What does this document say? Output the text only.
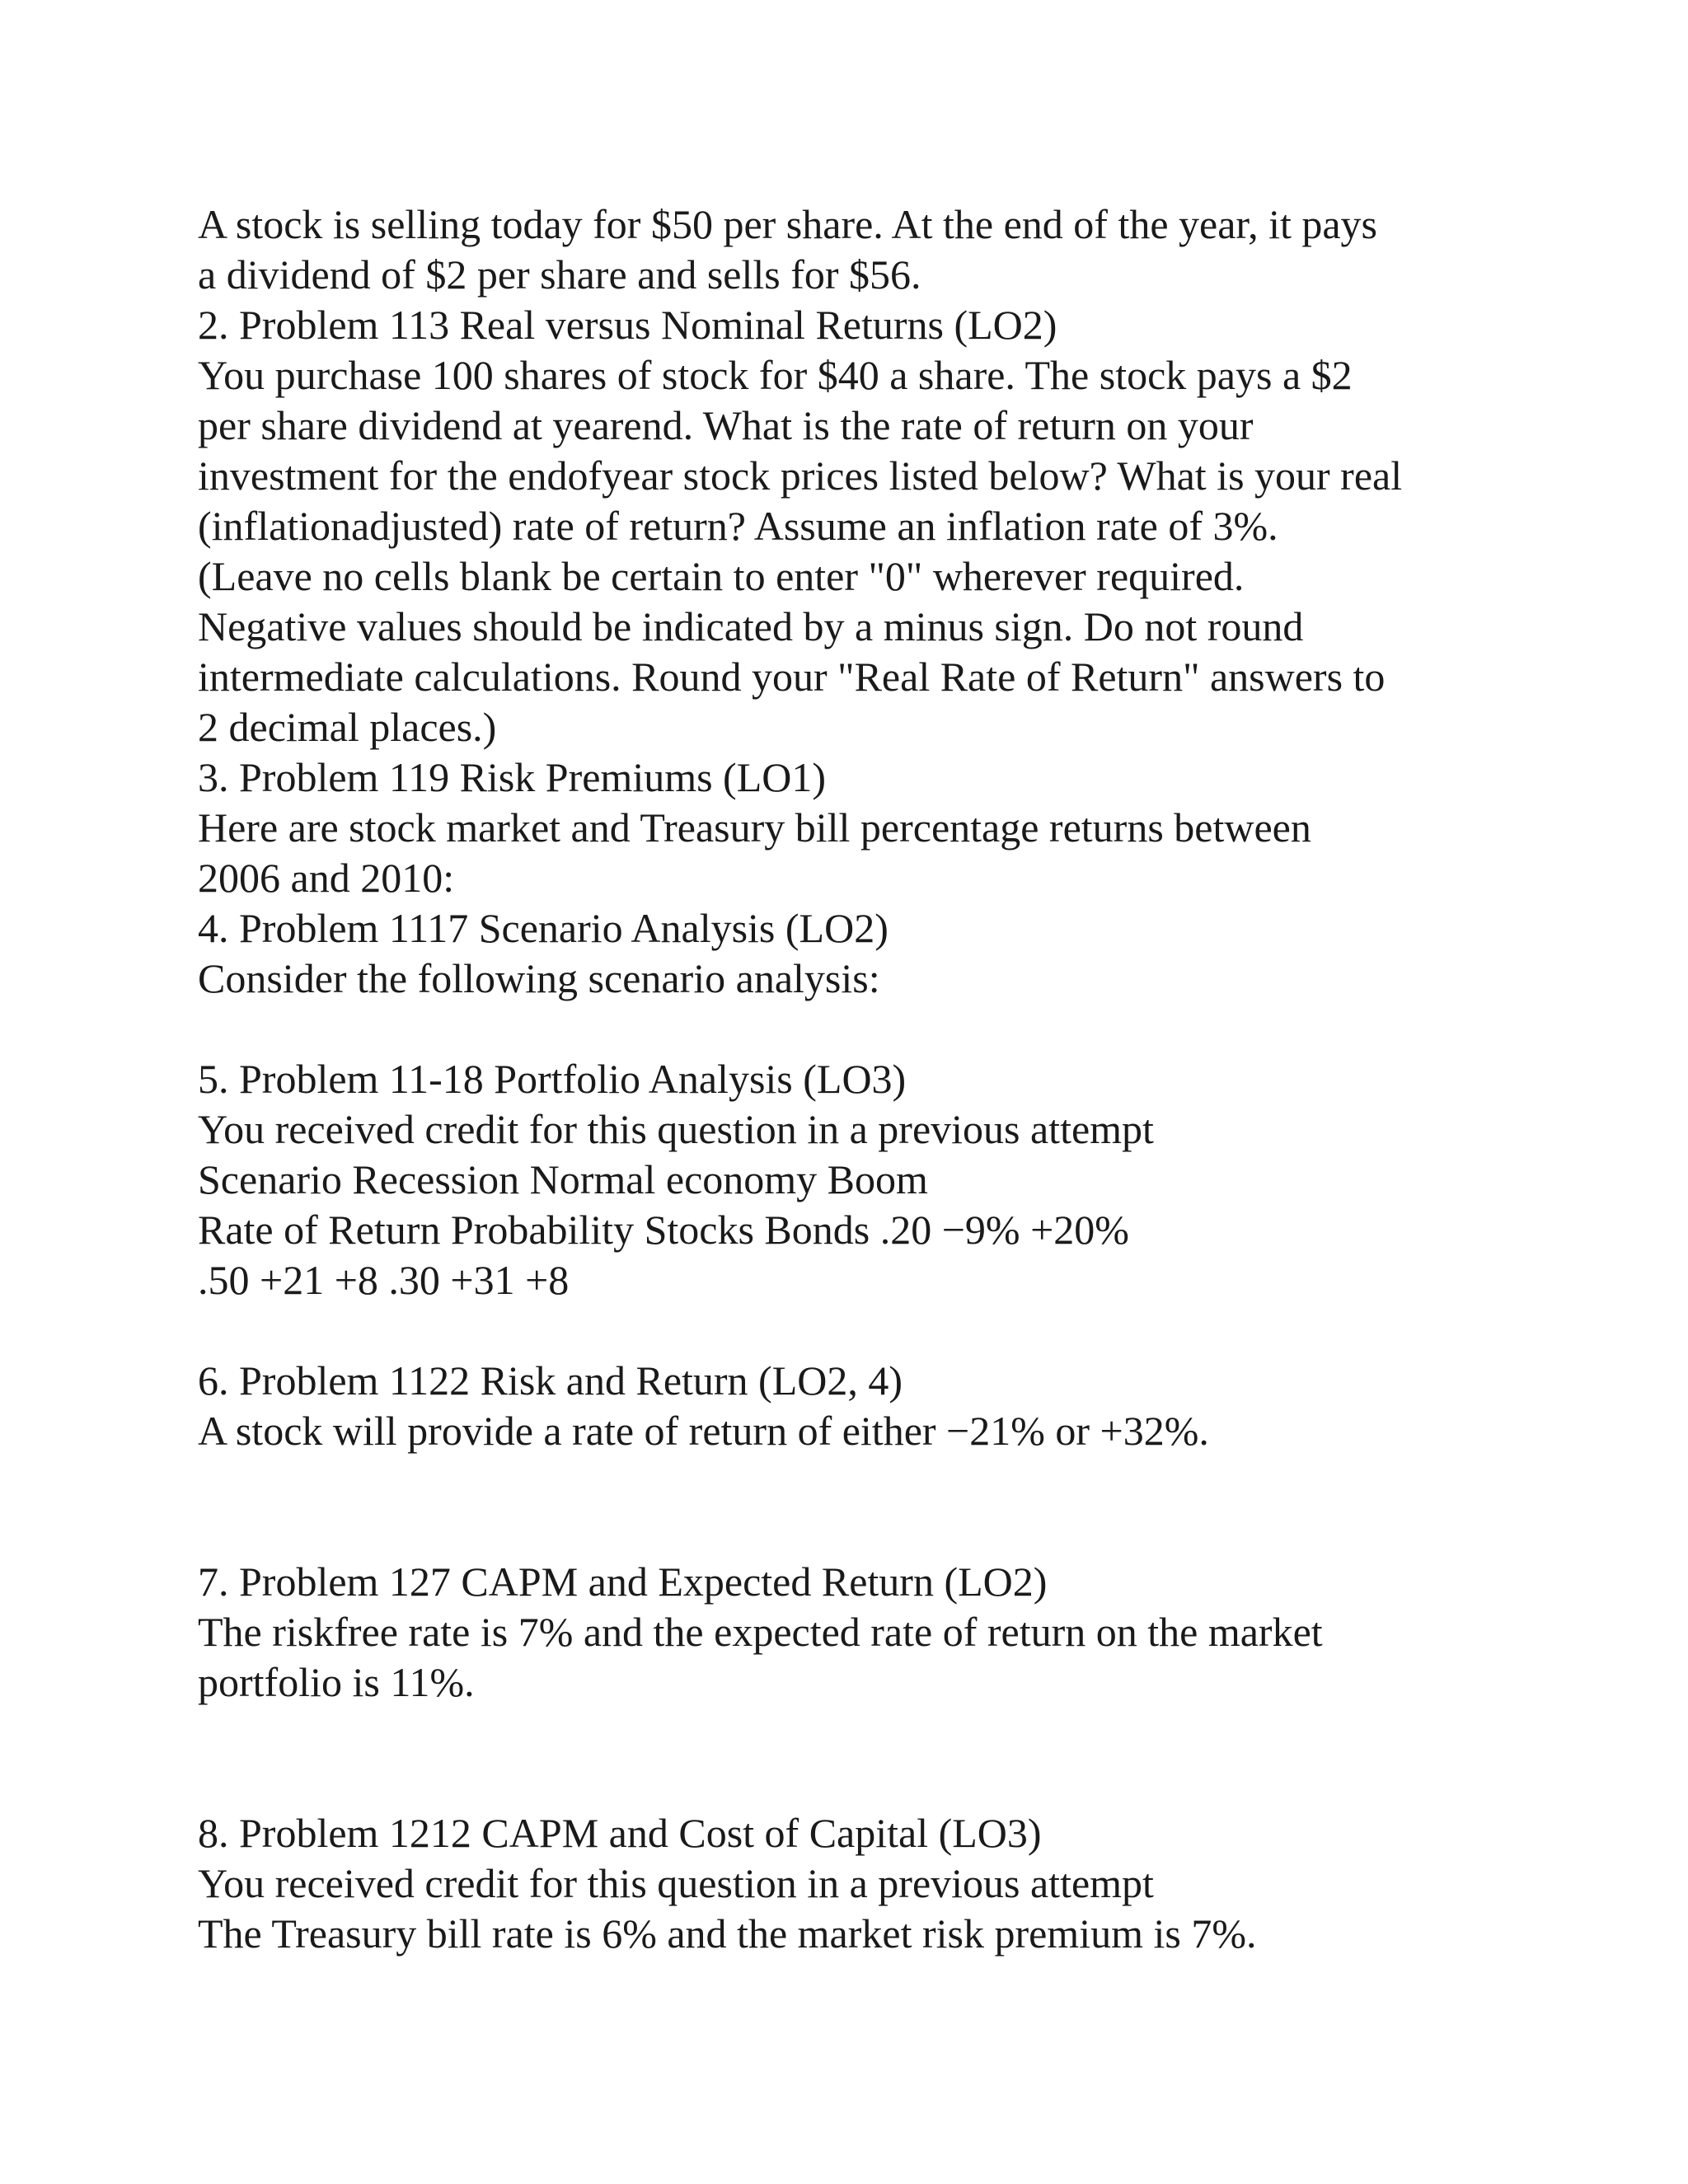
A stock is selling today for $50 per share. At the end of the year, it pays
a dividend of $2 per share and sells for $56.
2. Problem 113 Real versus Nominal Returns (LO2)
You purchase 100 shares of stock for $40 a share. The stock pays a $2
per share dividend at yearend. What is the rate of return on your
investment for the endofyear stock prices listed below? What is your real
(inflationadjusted) rate of return? Assume an inflation rate of 3%.
(Leave no cells blank be certain to enter "0" wherever required.
Negative values should be indicated by a minus sign. Do not round
intermediate calculations. Round your "Real Rate of Return" answers to
2 decimal places.)
3. Problem 119 Risk Premiums (LO1)
Here are stock market and Treasury bill percentage returns between
2006 and 2010:
4. Problem 1117 Scenario Analysis (LO2)
Consider the following scenario analysis:
5. Problem 11-18 Portfolio Analysis (LO3)
You received credit for this question in a previous attempt
Scenario Recession Normal economy Boom
Rate of Return Probability Stocks Bonds .20 −9% +20%
.50 +21 +8 .30 +31 +8
6. Problem 1122 Risk and Return (LO2, 4)
A stock will provide a rate of return of either −21% or +32%.
7. Problem 127 CAPM and Expected Return (LO2)
The riskfree rate is 7% and the expected rate of return on the market
portfolio is 11%.
8. Problem 1212 CAPM and Cost of Capital (LO3)
You received credit for this question in a previous attempt
The Treasury bill rate is 6% and the market risk premium is 7%.
